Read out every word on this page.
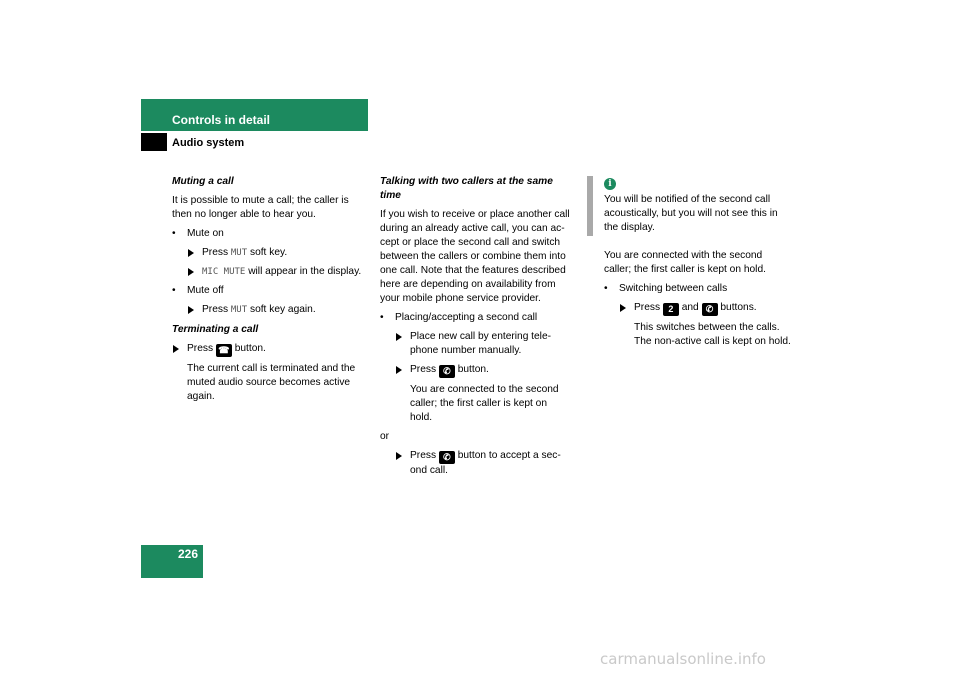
Controls in detail
Audio system

Muting a call

It is possible to mute a call; the caller is

then no longer able to hear you.

• Mute on

Press MUT soft key.

MIC MUTE will appear in the display.

• Mute off

Press MUT soft key again.

Terminating a call

Press ☎ button.

The current call is terminated and the

muted audio source becomes active

again.

Talking with two callers at the same

time

If you wish to receive or place another call

during an already active call, you can ac-

cept or place the second call and switch

between the callers or combine them into

one call. Note that the features described

here are depending on availability from

your mobile phone service provider.

• Placing/accepting a second call

Place new call by entering tele-

phone number manually.

Press ✆ button.

You are connected to the second

caller; the first caller is kept on

hold.

or

Press ✆ button to accept a sec-

ond call.

i

You will be notified of the second call

acoustically, but you will not see this in

the display.

You are connected with the second

caller; the first caller is kept on hold.

• Switching between calls

Press 2 and ✆ buttons.

This switches between the calls.

The non-active call is kept on hold.

226
carmanualsonline.info
